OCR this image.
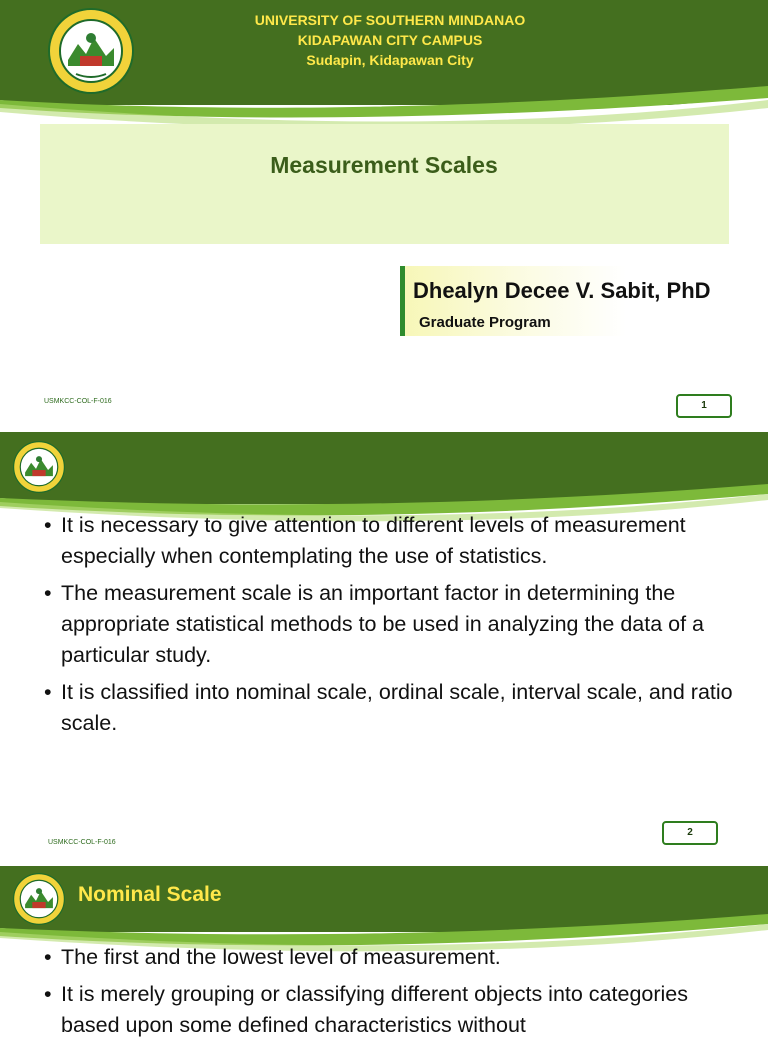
UNIVERSITY OF SOUTHERN MINDANAO
KIDAPAWAN CITY CAMPUS
Sudapin, Kidapawan City
Measurement Scales
Dhealyn Decee V. Sabit, PhD
Graduate Program
USMKCC-COL-F-016	1
• It is necessary to give attention to different levels of measurement especially when contemplating the use of statistics.
• The measurement scale is an important factor in determining the appropriate statistical methods to be used in analyzing the data of a particular study.
• It is classified into nominal scale, ordinal scale, interval scale, and ratio scale.
USMKCC-COL-F-016
2
Nominal Scale
• The first and the lowest level of measurement.
• It is merely grouping or classifying different objects into categories based upon some defined characteristics without
